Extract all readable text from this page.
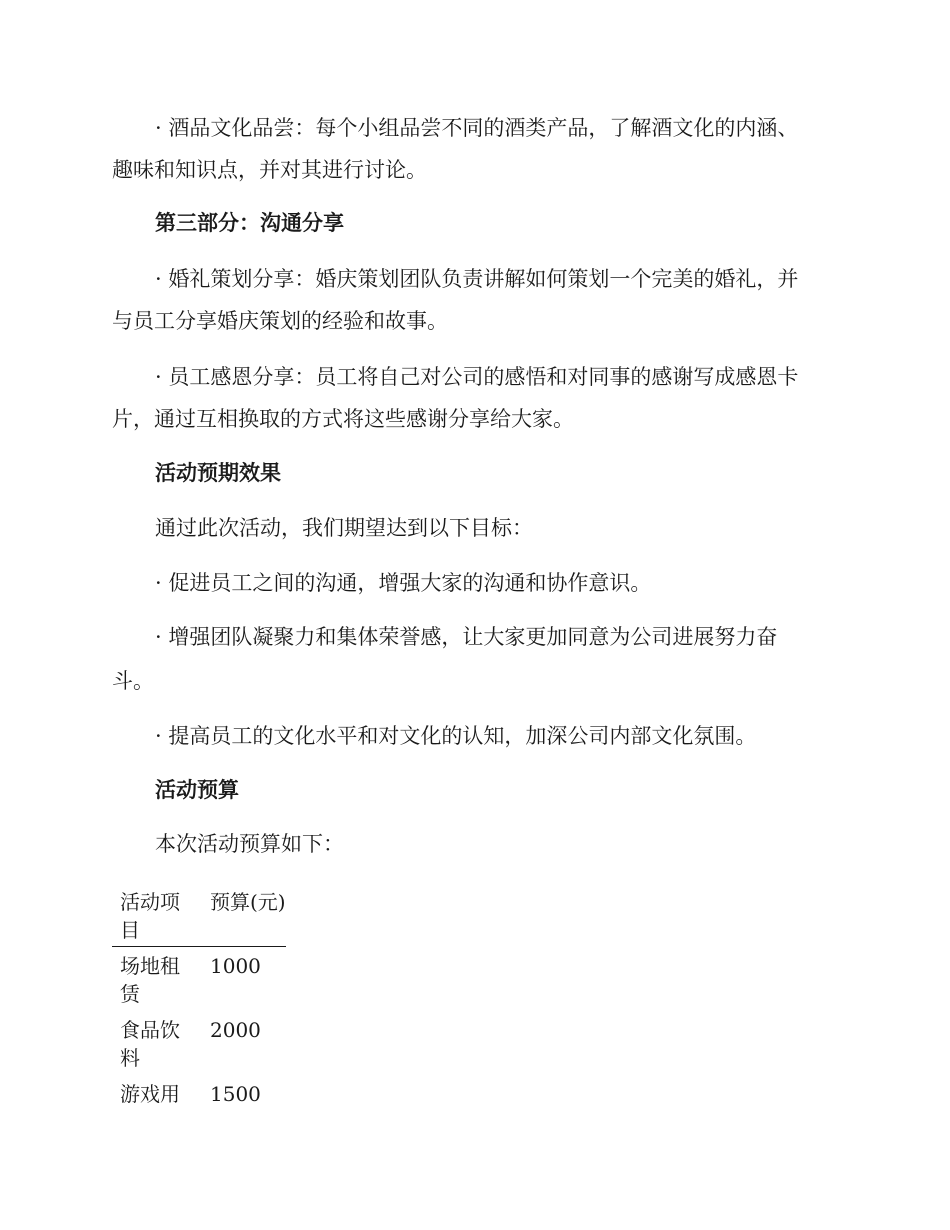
· 酒品文化品尝：每个小组品尝不同的酒类产品，了解酒文化的内涵、
趣味和知识点，并对其进行讨论。
第三部分：沟通分享
· 婚礼策划分享：婚庆策划团队负责讲解如何策划一个完美的婚礼，并
与员工分享婚庆策划的经验和故事。
· 员工感恩分享：员工将自己对公司的感悟和对同事的感谢写成感恩卡
片，通过互相换取的方式将这些感谢分享给大家。
活动预期效果
通过此次活动，我们期望达到以下目标：
· 促进员工之间的沟通，增强大家的沟通和协作意识。
· 增强团队凝聚力和集体荣誉感，让大家更加同意为公司进展努力奋
斗。
· 提高员工的文化水平和对文化的认知，加深公司内部文化氛围。
活动预算
本次活动预算如下：
活动项目	预算(元)

场地租赁	1000

食品饮料	2000

游戏用	1500
